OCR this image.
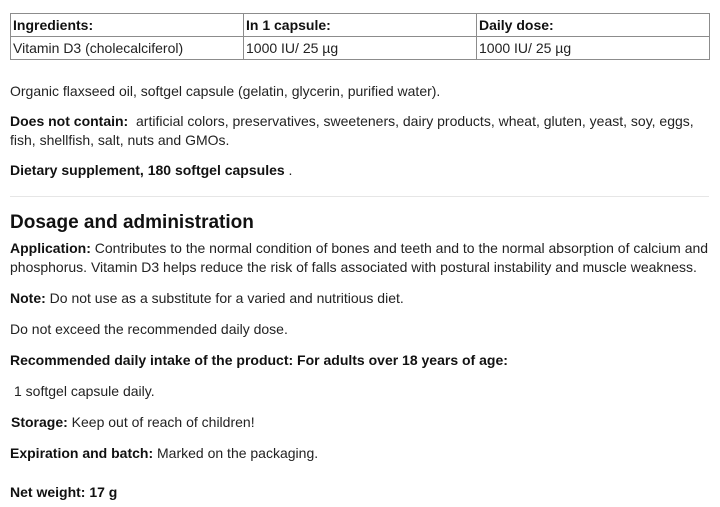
Ingredients:	In 1 capsule:	Daily dose:
Vitamin D3 (cholecalciferol)	1000 IU/ 25 µg	1000 IU/ 25 µg

Organic flaxseed oil, softgel capsule (gelatin, glycerin, purified water).

Does not contain:  artificial colors, preservatives, sweeteners, dairy products, wheat, gluten, yeast, soy, eggs, fish, shellfish, salt, nuts and GMOs.

Dietary supplement, 180 softgel capsules .

Dosage and administration

Application: Contributes to the normal condition of bones and teeth and to the normal absorption of calcium and phosphorus. Vitamin D3 helps reduce the risk of falls associated with postural instability and muscle weakness.

Note: Do not use as a substitute for a varied and nutritious diet.

Do not exceed the recommended daily dose.

Recommended daily intake of the product: For adults over 18 years of age:

1 softgel capsule daily.

Storage: Keep out of reach of children!

Expiration and batch: Marked on the packaging.

Net weight: 17 g
